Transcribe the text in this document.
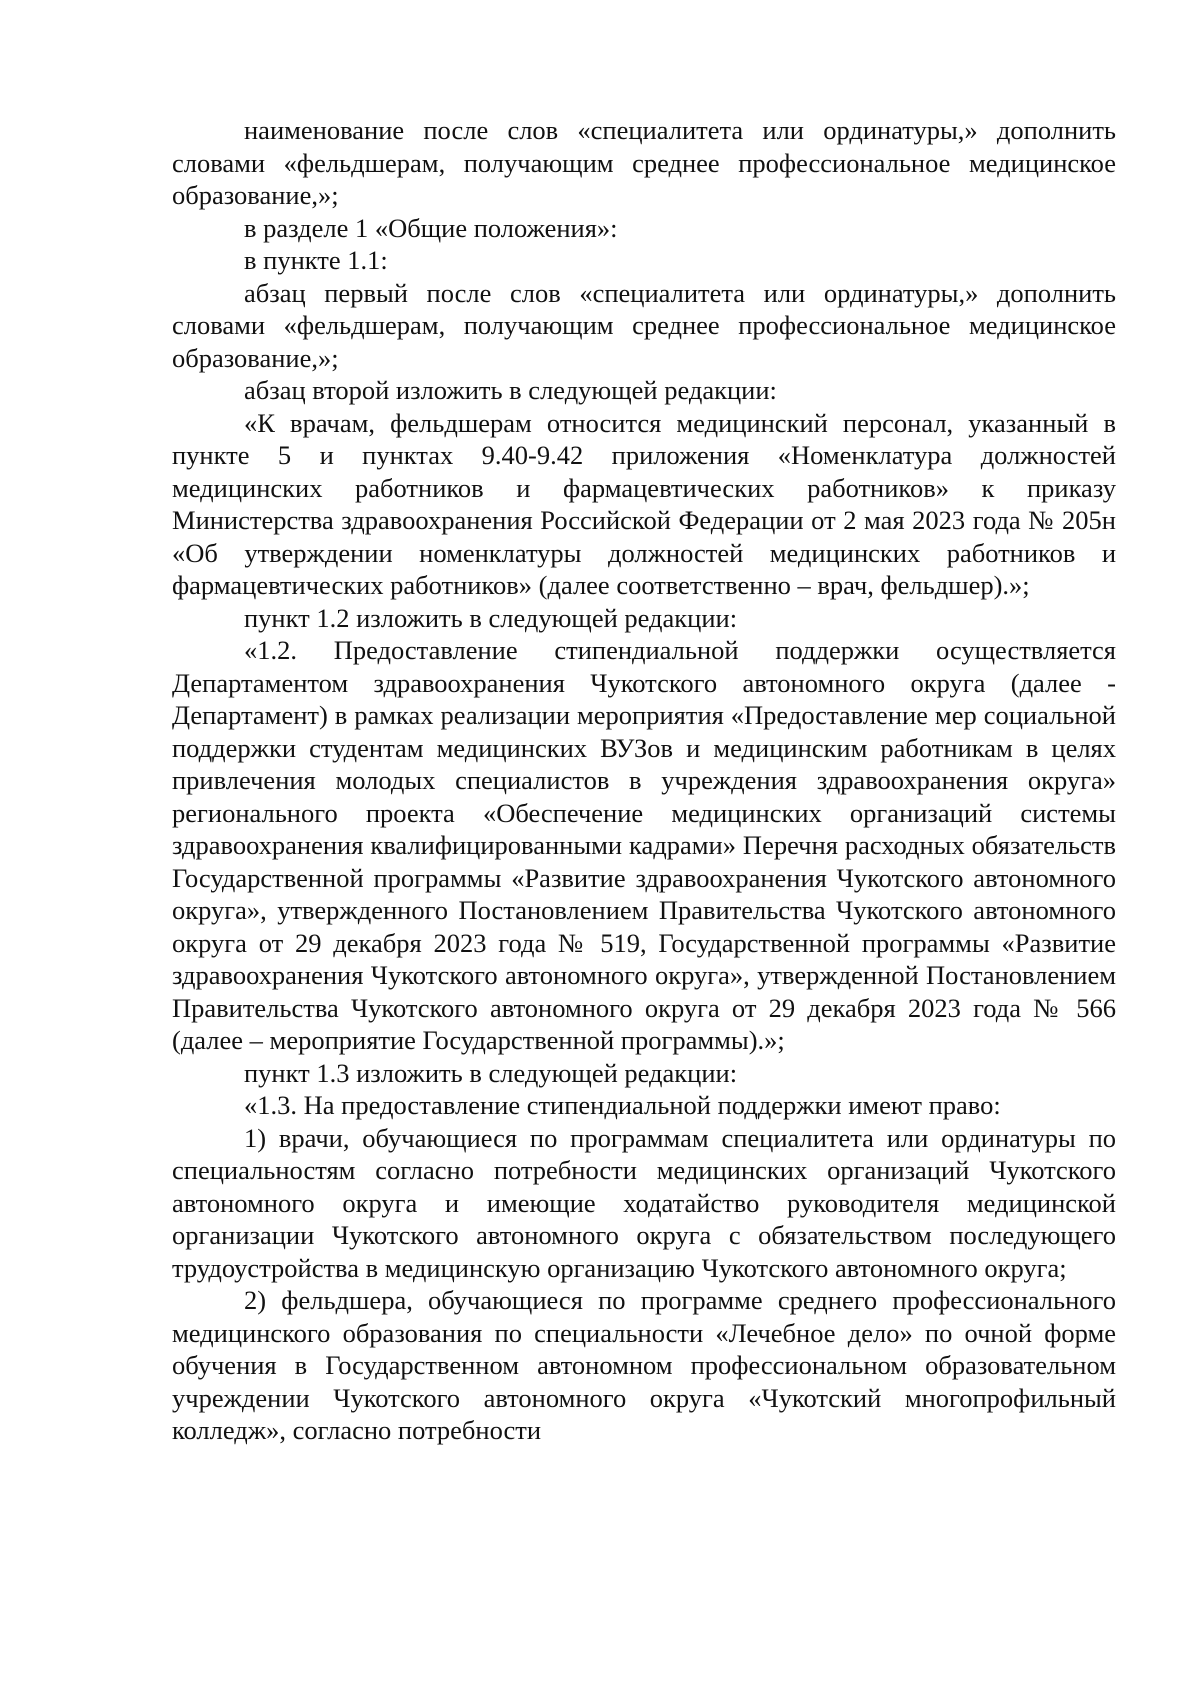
наименование после слов «специалитета или ординатуры,» дополнить словами «фельдшерам, получающим среднее профессиональное медицинское образование,»;

в разделе 1 «Общие положения»:

в пункте 1.1:

абзац первый после слов «специалитета или ординатуры,» дополнить словами «фельдшерам, получающим среднее профессиональное медицинское образование,»;

абзац второй изложить в следующей редакции:

«К врачам, фельдшерам относится медицинский персонал, указанный в пункте 5 и пунктах 9.40-9.42 приложения «Номенклатура должностей медицинских работников и фармацевтических работников» к приказу Министерства здравоохранения Российской Федерации от 2 мая 2023 года № 205н «Об утверждении номенклатуры должностей медицинских работников и фармацевтических работников» (далее соответственно – врач, фельдшер).»;

пункт 1.2 изложить в следующей редакции:

«1.2. Предоставление стипендиальной поддержки осуществляется Департаментом здравоохранения Чукотского автономного округа (далее - Департамент) в рамках реализации мероприятия «Предоставление мер социальной поддержки студентам медицинских ВУЗов и медицинским работникам в целях привлечения молодых специалистов в учреждения здравоохранения округа» регионального проекта «Обеспечение медицинских организаций системы здравоохранения квалифицированными кадрами» Перечня расходных обязательств Государственной программы «Развитие здравоохранения Чукотского автономного округа», утвержденного Постановлением Правительства Чукотского автономного округа от 29 декабря 2023 года № 519, Государственной программы «Развитие здравоохранения Чукотского автономного округа», утвержденной Постановлением Правительства Чукотского автономного округа от 29 декабря 2023 года № 566 (далее – мероприятие Государственной программы).»;

пункт 1.3 изложить в следующей редакции:

«1.3. На предоставление стипендиальной поддержки имеют право:

1) врачи, обучающиеся по программам специалитета или ординатуры по специальностям согласно потребности медицинских организаций Чукотского автономного округа и имеющие ходатайство руководителя медицинской организации Чукотского автономного округа с обязательством последующего трудоустройства в медицинскую организацию Чукотского автономного округа;

2) фельдшера, обучающиеся по программе среднего профессионального медицинского образования по специальности «Лечебное дело» по очной форме обучения в Государственном автономном профессиональном образовательном учреждении Чукотского автономного округа «Чукотский многопрофильный колледж», согласно потребности
